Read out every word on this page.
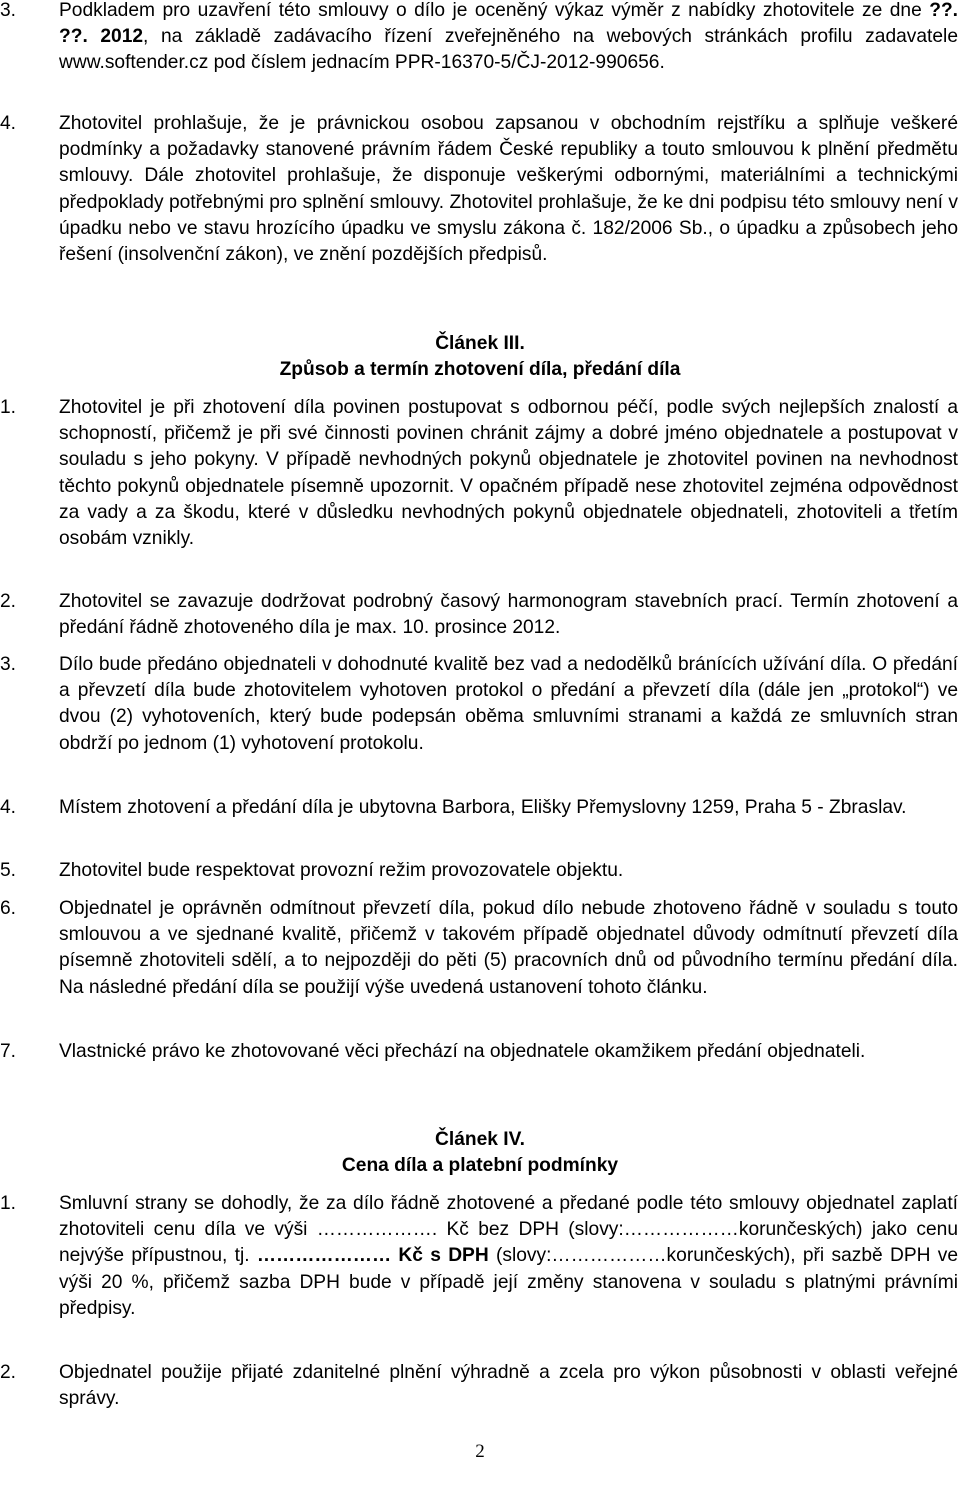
3. Podkladem pro uzavření této smlouvy o dílo je oceněný výkaz výměr z nabídky zhotovitele ze dne ??. ??. 2012, na základě zadávacího řízení zveřejněného na webových stránkách profilu zadavatele www.softender.cz pod číslem jednacím PPR-16370-5/ČJ-2012-990656.
4. Zhotovitel prohlašuje, že je právnickou osobou zapsanou v obchodním rejstříku a splňuje veškeré podmínky a požadavky stanovené právním řádem České republiky a touto smlouvou k plnění předmětu smlouvy. Dále zhotovitel prohlašuje, že disponuje veškerými odbornými, materiálními a technickými předpoklady potřebnými pro splnění smlouvy. Zhotovitel prohlašuje, že ke dni podpisu této smlouvy není v úpadku nebo ve stavu hrozícího úpadku ve smyslu zákona č. 182/2006 Sb., o úpadku a způsobech jeho řešení (insolvenční zákon), ve znění pozdějších předpisů.
Článek III.
Způsob a termín zhotovení díla, předání díla
1. Zhotovitel je při zhotovení díla povinen postupovat s odbornou péčí, podle svých nejlepších znalostí a schopností, přičemž je při své činnosti povinen chránit zájmy a dobré jméno objednatele a postupovat v souladu s jeho pokyny. V případě nevhodných pokynů objednatele je zhotovitel povinen na nevhodnost těchto pokynů objednatele písemně upozornit. V opačném případě nese zhotovitel zejména odpovědnost za vady a za škodu, které v důsledku nevhodných pokynů objednatele objednateli, zhotoviteli a třetím osobám vznikly.
2. Zhotovitel se zavazuje dodržovat podrobný časový harmonogram stavebních prací. Termín zhotovení a předání řádně zhotoveného díla je max. 10. prosince 2012.
3. Dílo bude předáno objednateli v dohodnuté kvalitě bez vad a nedodělků bránících užívání díla. O předání a převzetí díla bude zhotovitelem vyhotoven protokol o předání a převzetí díla (dále jen „protokol“) ve dvou (2) vyhotoveních, který bude podepsán oběma smluvními stranami a každá ze smluvních stran obdrží po jednom (1) vyhotovení protokolu.
4. Místem zhotovení a předání díla je ubytovna Barbora, Elišky Přemyslovny 1259, Praha 5 - Zbraslav.
5. Zhotovitel bude respektovat provozní režim provozovatele objektu.
6. Objednatel je oprávněn odmítnout převzetí díla, pokud dílo nebude zhotoveno řádně v souladu s touto smlouvou a ve sjednané kvalitě, přičemž v takovém případě objednatel důvody odmítnutí převzetí díla písemně zhotoviteli sdělí, a to nejpozději do pěti (5) pracovních dnů od původního termínu předání díla. Na následné předání díla se použijí výše uvedená ustanovení tohoto článku.
7. Vlastnické právo ke zhotovované věci přechází na objednatele okamžikem předání objednateli.
Článek IV.
Cena díla a platební podmínky
1. Smluvní strany se dohodly, že za dílo řádně zhotovené a předané podle této smlouvy objednatel zaplatí zhotoviteli cenu díla ve výši ………………. Kč bez DPH (slovy:………………korunčeských) jako cenu nejvýše přípustnou, tj. ………………… Kč s DPH (slovy:………………korunčeských), při sazbě DPH ve výši 20 %, přičemž sazba DPH bude v případě její změny stanovena v souladu s platnými právními předpisy.
2. Objednatel použije přijaté zdanitelné plnění výhradně a zcela pro výkon působnosti v oblasti veřejné správy.
2
